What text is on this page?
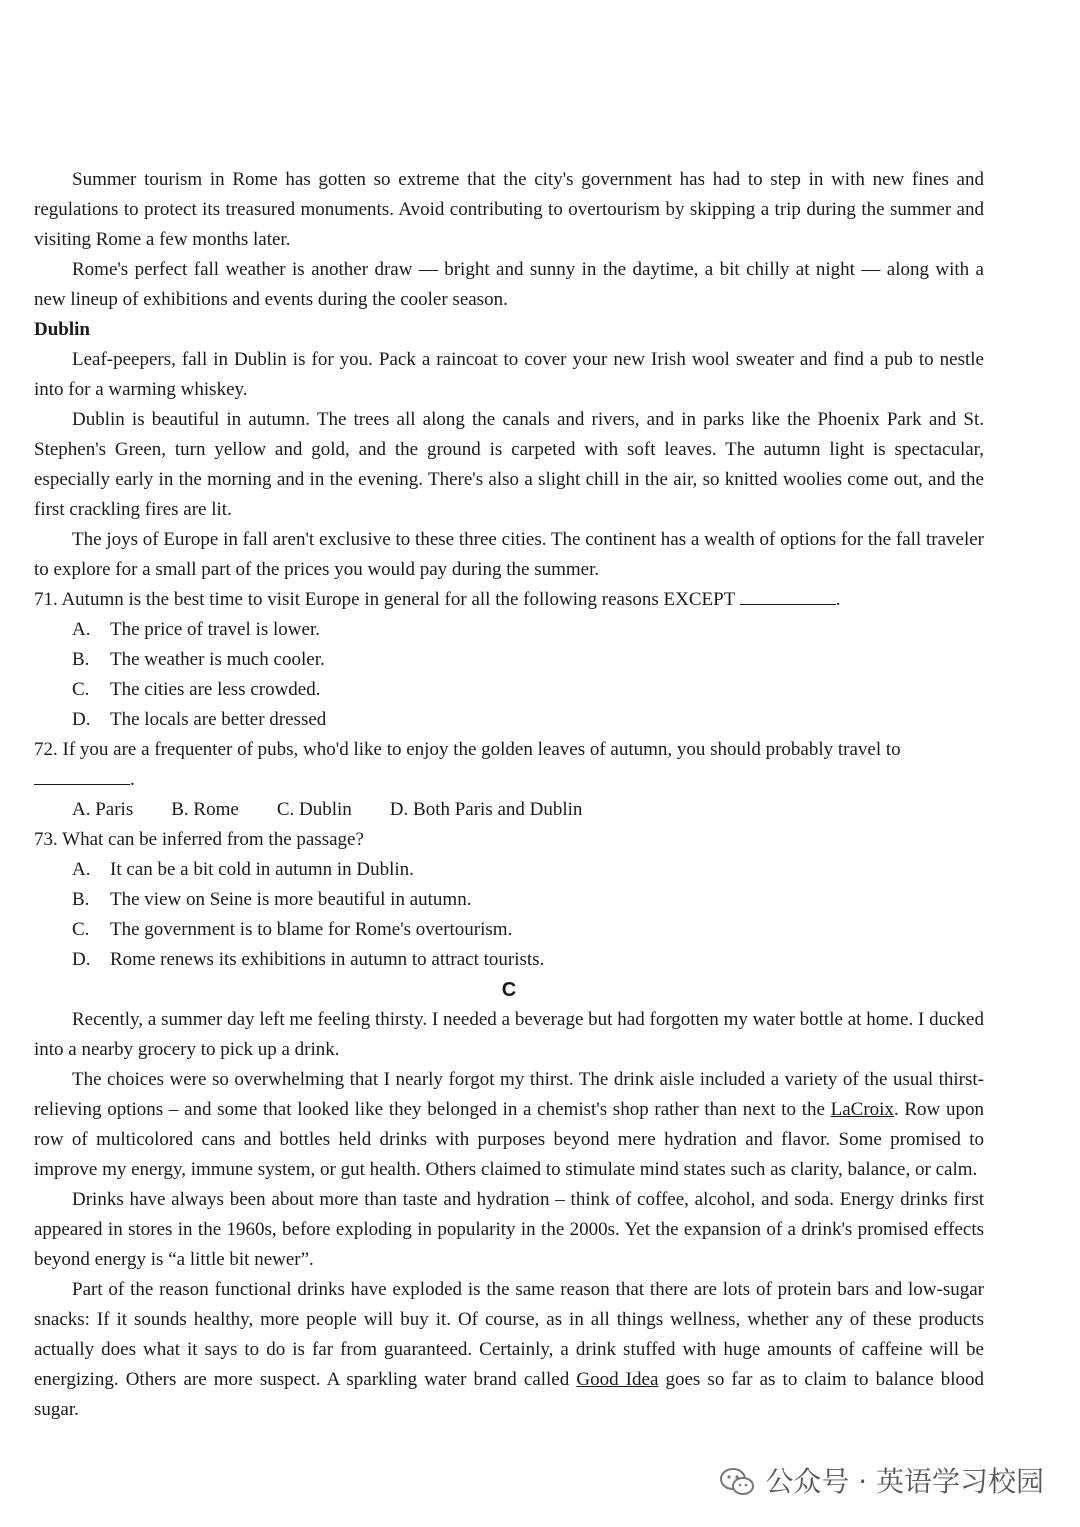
Summer tourism in Rome has gotten so extreme that the city's government has had to step in with new fines and regulations to protect its treasured monuments. Avoid contributing to overtourism by skipping a trip during the summer and visiting Rome a few months later.

Rome's perfect fall weather is another draw — bright and sunny in the daytime, a bit chilly at night — along with a new lineup of exhibitions and events during the cooler season.

Dublin

Leaf-peepers, fall in Dublin is for you. Pack a raincoat to cover your new Irish wool sweater and find a pub to nestle into for a warming whiskey.

Dublin is beautiful in autumn. The trees all along the canals and rivers, and in parks like the Phoenix Park and St. Stephen's Green, turn yellow and gold, and the ground is carpeted with soft leaves. The autumn light is spectacular, especially early in the morning and in the evening. There's also a slight chill in the air, so knitted woolies come out, and the first crackling fires are lit.

The joys of Europe in fall aren't exclusive to these three cities. The continent has a wealth of options for the fall traveler to explore for a small part of the prices you would pay during the summer.

71. Autumn is the best time to visit Europe in general for all the following reasons EXCEPT	.

A.	The price of travel is lower.
B.	The weather is much cooler.
C.	The cities are less crowded.
D.	The locals are better dressed

72. If you are a frequenter of pubs, who'd like to enjoy the golden leaves of autumn, you should probably travel to

.

A. Paris B. Rome C. Dublin D. Both Paris and Dublin

73. What can be inferred from the passage?

A.	It can be a bit cold in autumn in Dublin.
B.	The view on Seine is more beautiful in autumn.
C.	The government is to blame for Rome's overtourism.
D.	Rome renews its exhibitions in autumn to attract tourists.

C

Recently, a summer day left me feeling thirsty. I needed a beverage but had forgotten my water bottle at home. I ducked into a nearby grocery to pick up a drink.

The choices were so overwhelming that I nearly forgot my thirst. The drink aisle included a variety of the usual thirst-relieving options – and some that looked like they belonged in a chemist's shop rather than next to the LaCroix. Row upon row of multicolored cans and bottles held drinks with purposes beyond mere hydration and flavor. Some promised to improve my energy, immune system, or gut health. Others claimed to stimulate mind states such as clarity, balance, or calm.

Drinks have always been about more than taste and hydration – think of coffee, alcohol, and soda. Energy drinks first appeared in stores in the 1960s, before exploding in popularity in the 2000s. Yet the expansion of a drink's promised effects beyond energy is “a little bit newer”.

Part of the reason functional drinks have exploded is the same reason that there are lots of protein bars and low-sugar snacks: If it sounds healthy, more people will buy it. Of course, as in all things wellness, whether any of these products actually does what it says to do is far from guaranteed. Certainly, a drink stuffed with huge amounts of caffeine will be energizing. Others are more suspect. A sparkling water brand called Good Idea goes so far as to claim to balance blood sugar.

公众号 · 英语学习校园
